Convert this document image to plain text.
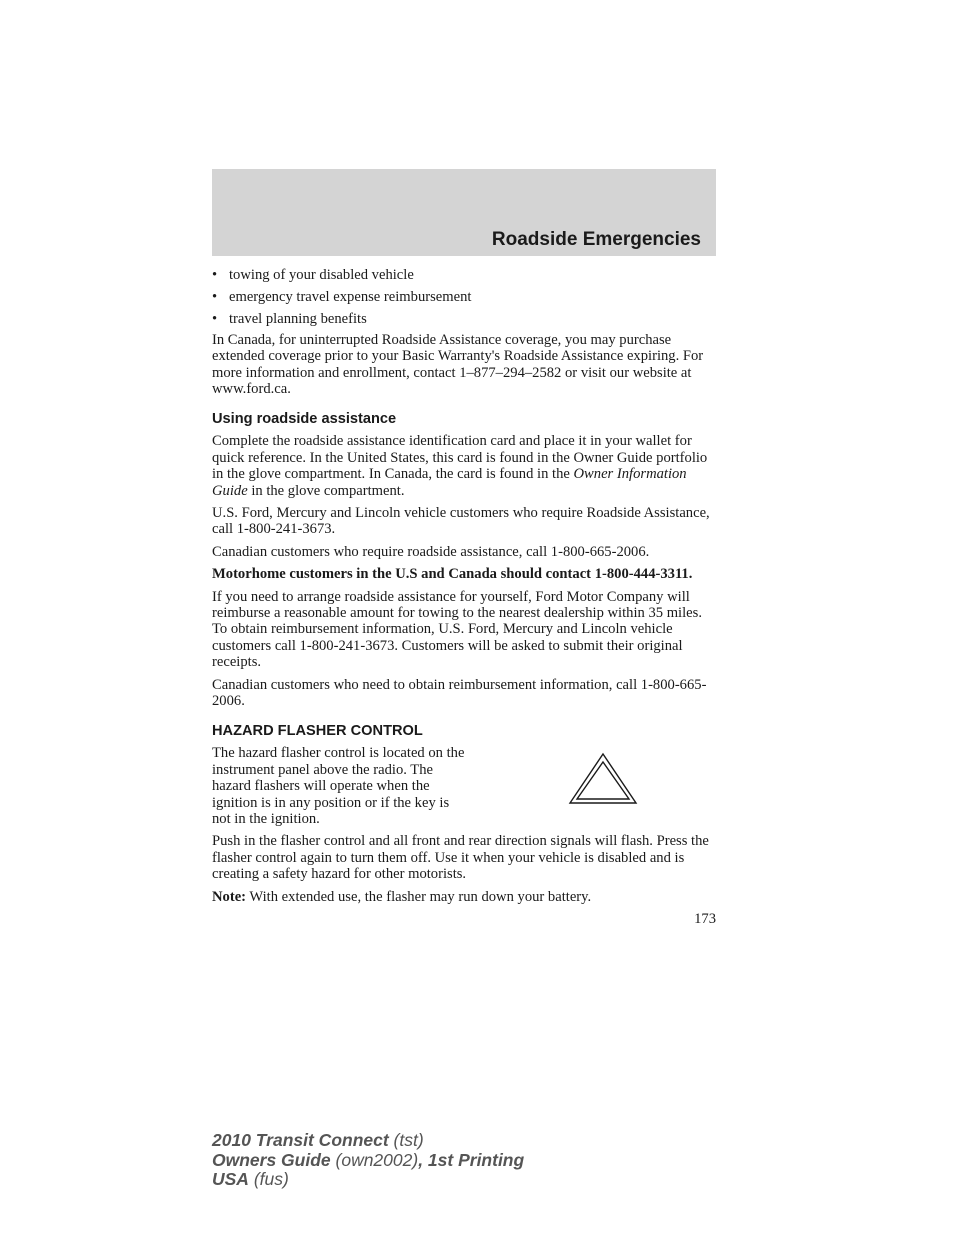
Roadside Emergencies
• towing of your disabled vehicle
• emergency travel expense reimbursement
• travel planning benefits

In Canada, for uninterrupted Roadside Assistance coverage, you may purchase extended coverage prior to your Basic Warranty's Roadside Assistance expiring. For more information and enrollment, contact 1–877–294–2582 or visit our website at www.ford.ca.

Using roadside assistance

Complete the roadside assistance identification card and place it in your wallet for quick reference. In the United States, this card is found in the Owner Guide portfolio in the glove compartment. In Canada, the card is found in the Owner Information Guide in the glove compartment.

U.S. Ford, Mercury and Lincoln vehicle customers who require Roadside Assistance, call 1-800-241-3673.

Canadian customers who require roadside assistance, call 1-800-665-2006.

Motorhome customers in the U.S and Canada should contact 1-800-444-3311.

If you need to arrange roadside assistance for yourself, Ford Motor Company will reimburse a reasonable amount for towing to the nearest dealership within 35 miles. To obtain reimbursement information, U.S. Ford, Mercury and Lincoln vehicle customers call 1-800-241-3673. Customers will be asked to submit their original receipts.

Canadian customers who need to obtain reimbursement information, call 1-800-665-2006.

HAZARD FLASHER CONTROL

The hazard flasher control is located on the instrument panel above the radio. The hazard flashers will operate when the ignition is in any position or if the key is not in the ignition.

Push in the flasher control and all front and rear direction signals will flash. Press the flasher control again to turn them off. Use it when your vehicle is disabled and is creating a safety hazard for other motorists.

Note: With extended use, the flasher may run down your battery.

173
2010 Transit Connect (tst)
Owners Guide (own2002), 1st Printing
USA (fus)
